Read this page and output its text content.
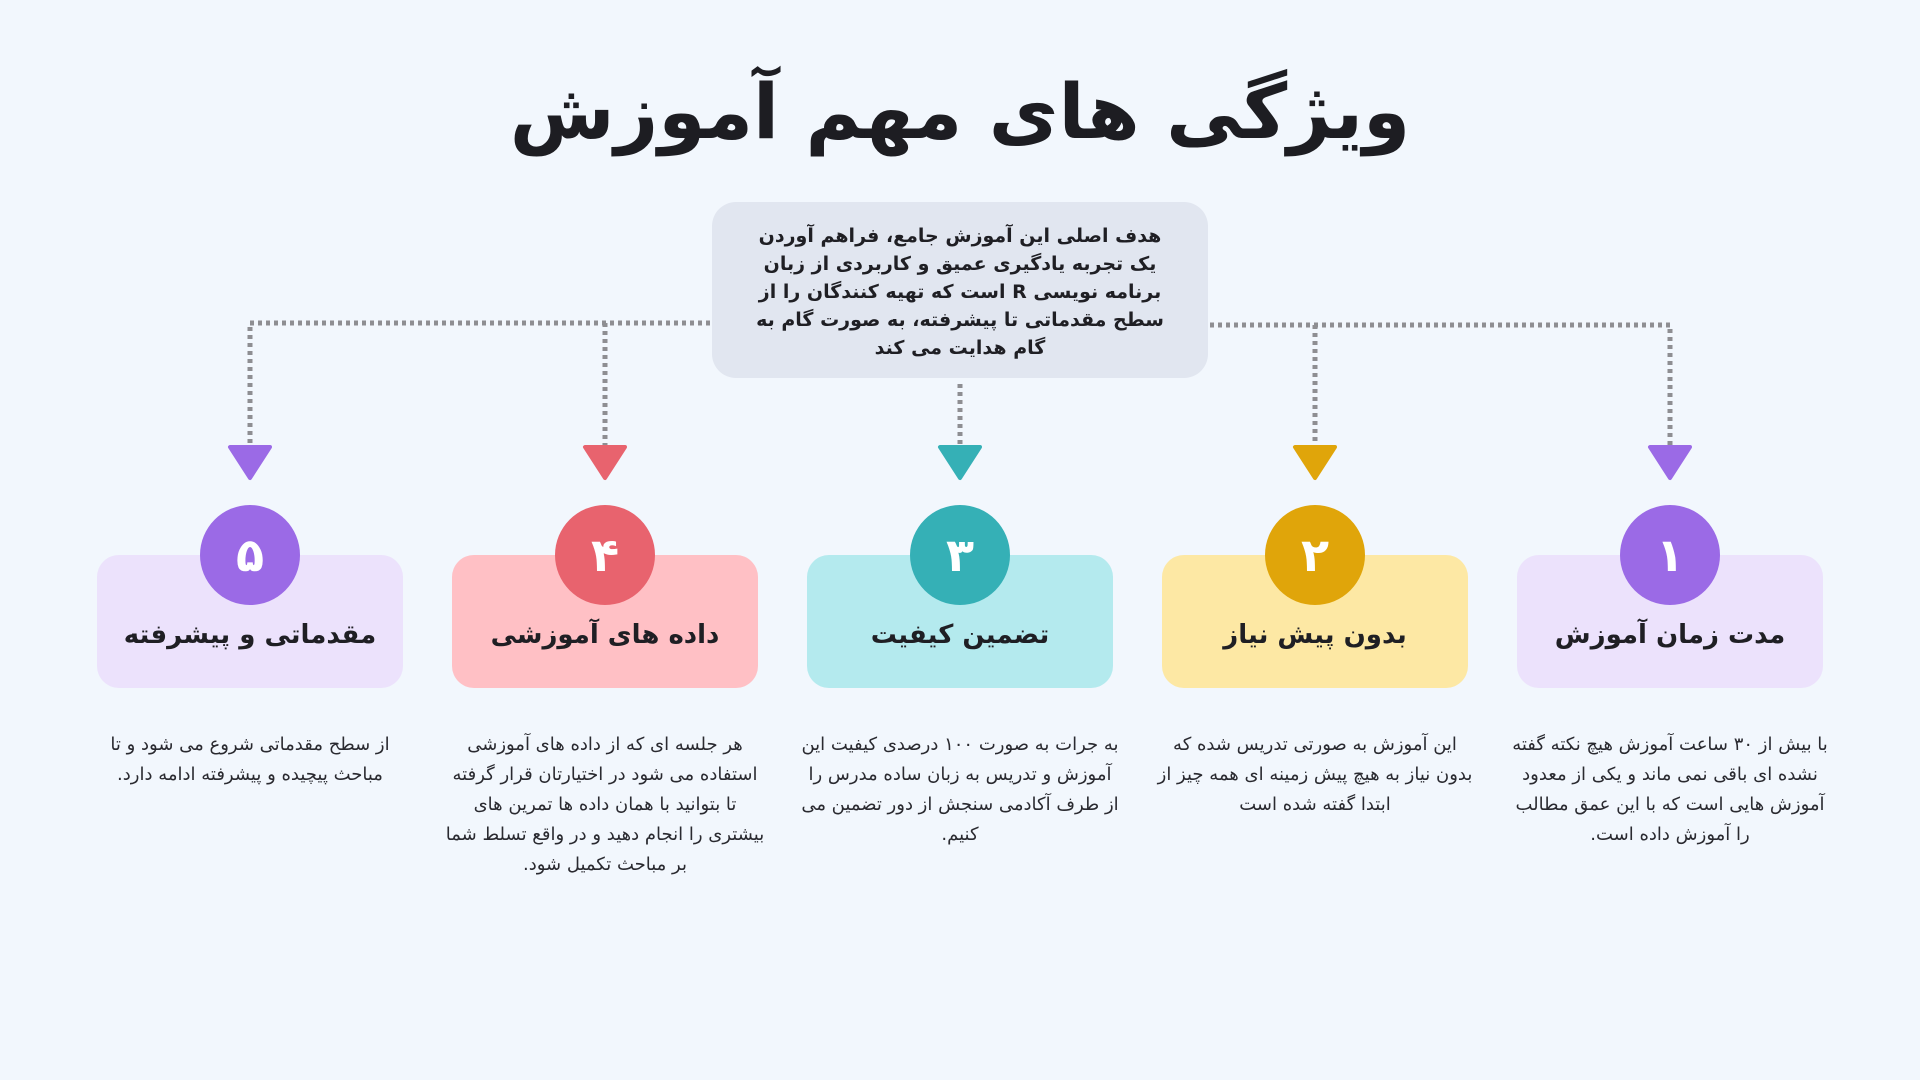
ویژگی های مهم آموزش
هدف اصلی این آموزش جامع، فراهم آوردن یک تجربه یادگیری عمیق و کاربردی از زبان برنامه نویسی R است که تهیه کنندگان را از سطح مقدماتی تا پیشرفته، به صورت گام به گام هدایت می کند
مدت زمان آموزش
۱
با بیش از ۳۰ ساعت آموزش هیچ نکته گفته نشده ای باقی نمی ماند و یکی از معدود آموزش هایی است که با این عمق مطالب را آموزش داده است.
بدون پیش نیاز
۲
این آموزش به صورتی تدریس شده که بدون نیاز به هیچ پیش زمینه ای همه چیز از ابتدا گفته شده است
تضمین کیفیت
۳
به جرات به صورت ۱۰۰ درصدی کیفیت این آموزش و تدریس به زبان ساده مدرس را از طرف آکادمی سنجش از دور تضمین می کنیم.
داده های آموزشی
۴
هر جلسه ای که از داده های آموزشی استفاده می شود در اختیارتان قرار گرفته تا بتوانید با همان داده ها تمرین های بیشتری را انجام دهید و در واقع تسلط شما بر مباحث تکمیل شود.
مقدماتی و پیشرفته
۵
از سطح مقدماتی شروع می شود و تا مباحث پیچیده و پیشرفته ادامه دارد.
